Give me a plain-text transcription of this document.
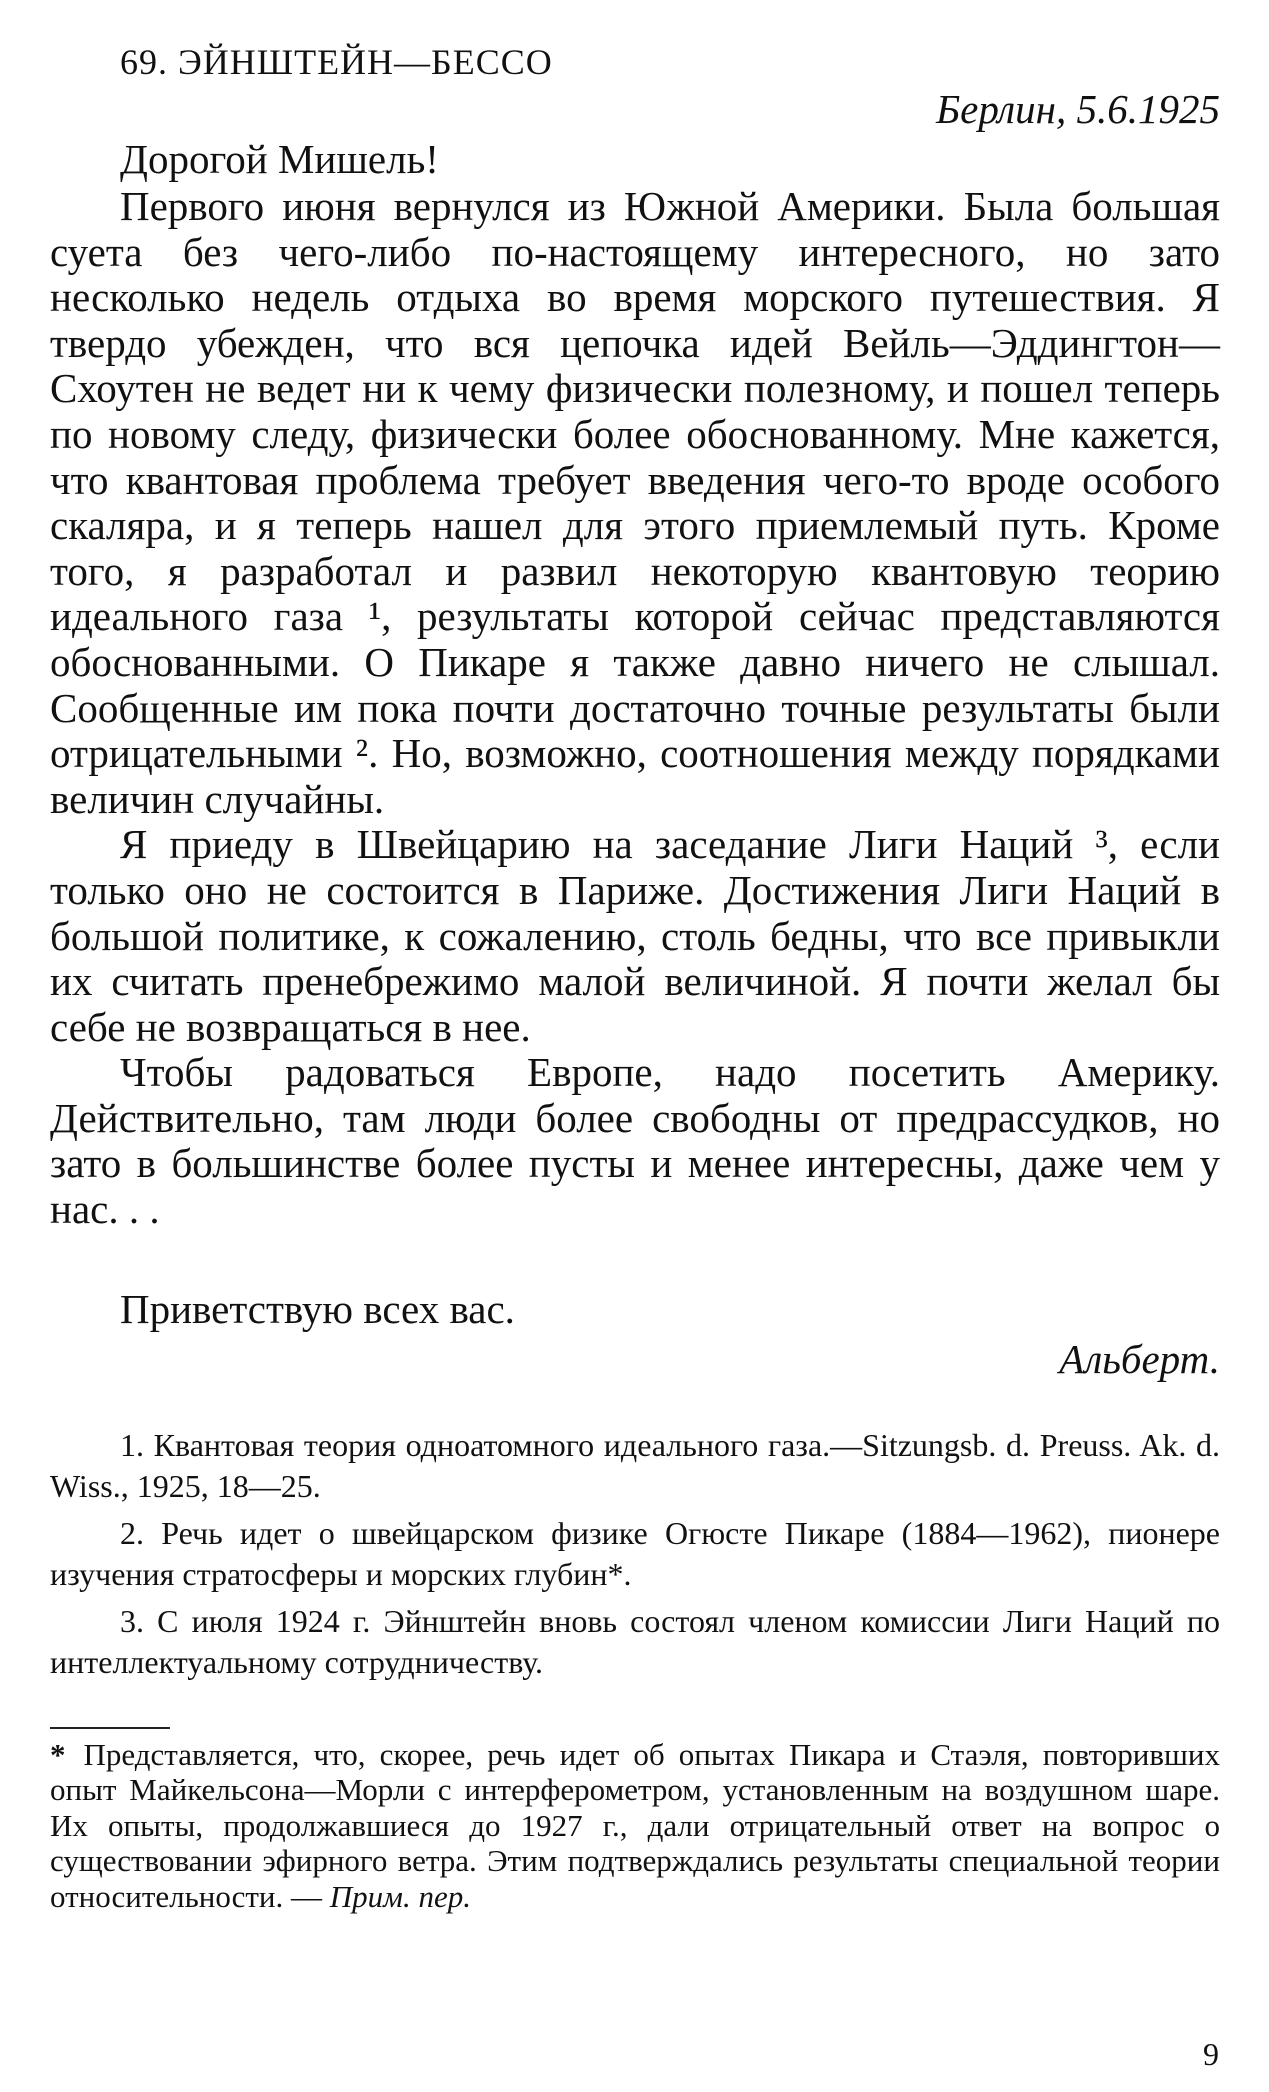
69. ЭЙНШТЕЙН—БЕССО
Берлин, 5.6.1925
Дорогой Мишель!

Первого июня вернулся из Южной Америки. Была большая суета без чего-либо по-настоящему интересного, но зато несколько недель отдыха во время морского путешествия. Я твердо убежден, что вся цепочка идей Вейль—Эддингтон—Схоутен не ведет ни к чему физически полезному, и пошел теперь по новому следу, физически более обоснованному. Мне кажется, что квантовая проблема требует введения чего-то вроде особого скаляра, и я теперь нашел для этого приемлемый путь. Кроме того, я разработал и развил некоторую квантовую теорию идеального газа ¹, результаты которой сейчас представляются обоснованными. О Пикаре я также давно ничего не слышал. Сообщенные им пока почти достаточно точные результаты были отрицательными ². Но, возможно, соотношения между порядками величин случайны.

Я приеду в Швейцарию на заседание Лиги Наций ³, если только оно не состоится в Париже. Достижения Лиги Наций в большой политике, к сожалению, столь бедны, что все привыкли их считать пренебрежимо малой величиной. Я почти желал бы себе не возвращаться в нее.

Чтобы радоваться Европе, надо посетить Америку. Действительно, там люди более свободны от предрассудков, но зато в большинстве более пусты и менее интересны, даже чем у нас. . .

Приветствую всех вас.
Альберт.

1. Квантовая теория одноатомного идеального газа.—Sitzungsb. d. Preuss. Ak. d. Wiss., 1925, 18—25.

2. Речь идет о швейцарском физике Огюсте Пикаре (1884—1962), пионере изучения стратосферы и морских глубин*.

3. С июля 1924 г. Эйнштейн вновь состоял членом комиссии Лиги Наций по интеллектуальному сотрудничеству.

* Представляется, что, скорее, речь идет об опытах Пикара и Стаэля, повторивших опыт Майкельсона—Морли с интерферометром, установленным на воздушном шаре. Их опыты, продолжавшиеся до 1927 г., дали отрицательный ответ на вопрос о существовании эфирного ветра. Этим подтверждались результаты специальной теории относительности. — Прим. пер.

9
